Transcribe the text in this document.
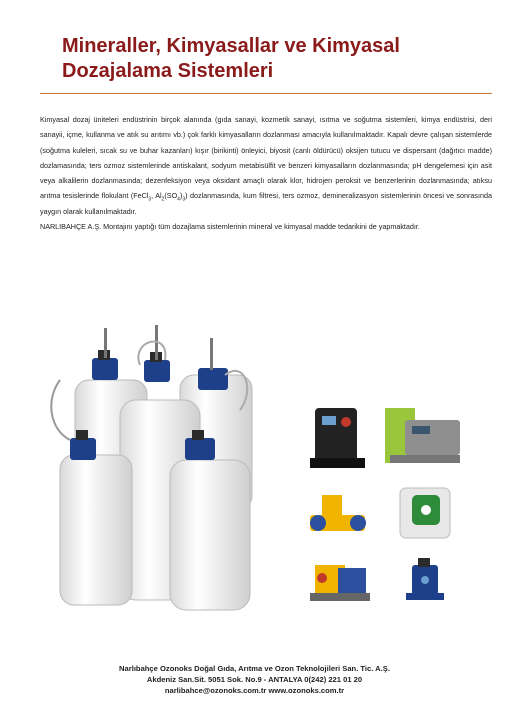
Mineraller, Kimyasallar ve Kimyasal
Dozajalama Sistemleri

Kimyasal dozaj üniteleri endüstrinin birçok alanında (gıda sanayi, kozmetik sanayi, ısıtma ve soğutma sistemleri, kimya endüstrisi, deri sanayii, içme, kullanma ve atık su arıtımı vb.) çok farklı kimyasalların dozlanması amacıyla kullanılmaktadır. Kapalı devre çalışan sistemlerde (soğutma kuleleri, sıcak su ve buhar kazanları) kışır (birikinti) önleyici, biyosit (canlı öldürücü) oksijen tutucu ve dispersant (dağıtıcı madde) dozlamasında; ters ozmoz sistemlerinde antiskalant, sodyum metabisülfit ve benzeri kimyasalların dozlanmasında; pH dengelemesi için asit veya alkalilerin dozlanmasında; dezenfeksiyon veya oksidant amaçlı olarak klor, hidrojen peroksit ve benzerlerinin dozlanmasında; atıksu arıtma tesislerinde flokulant (FeCl$_3$, $Al_2(SO_4)_3$) dozlanmasında, kum filtresi, ters ozmoz, demineralizasyon sistemlerinin öncesi ve sonrasında yaygın olarak kullanılmaktadır.

NARLIBAHÇE A.Ş. Montajını yaptığı tüm dozajlama sistemlerinin mineral ve kimyasal madde tedarikini de yapmaktadır.

Narlıbahçe Ozonoks Doğal Gıda, Arıtma ve Ozon Teknolojileri San. Tic. A.Ş.
Akdeniz San.Sit. 5051 Sok. No.9 - ANTALYA 0(242) 221 01 20
narlibahce@ozonoks.com.tr www.ozonoks.com.tr
